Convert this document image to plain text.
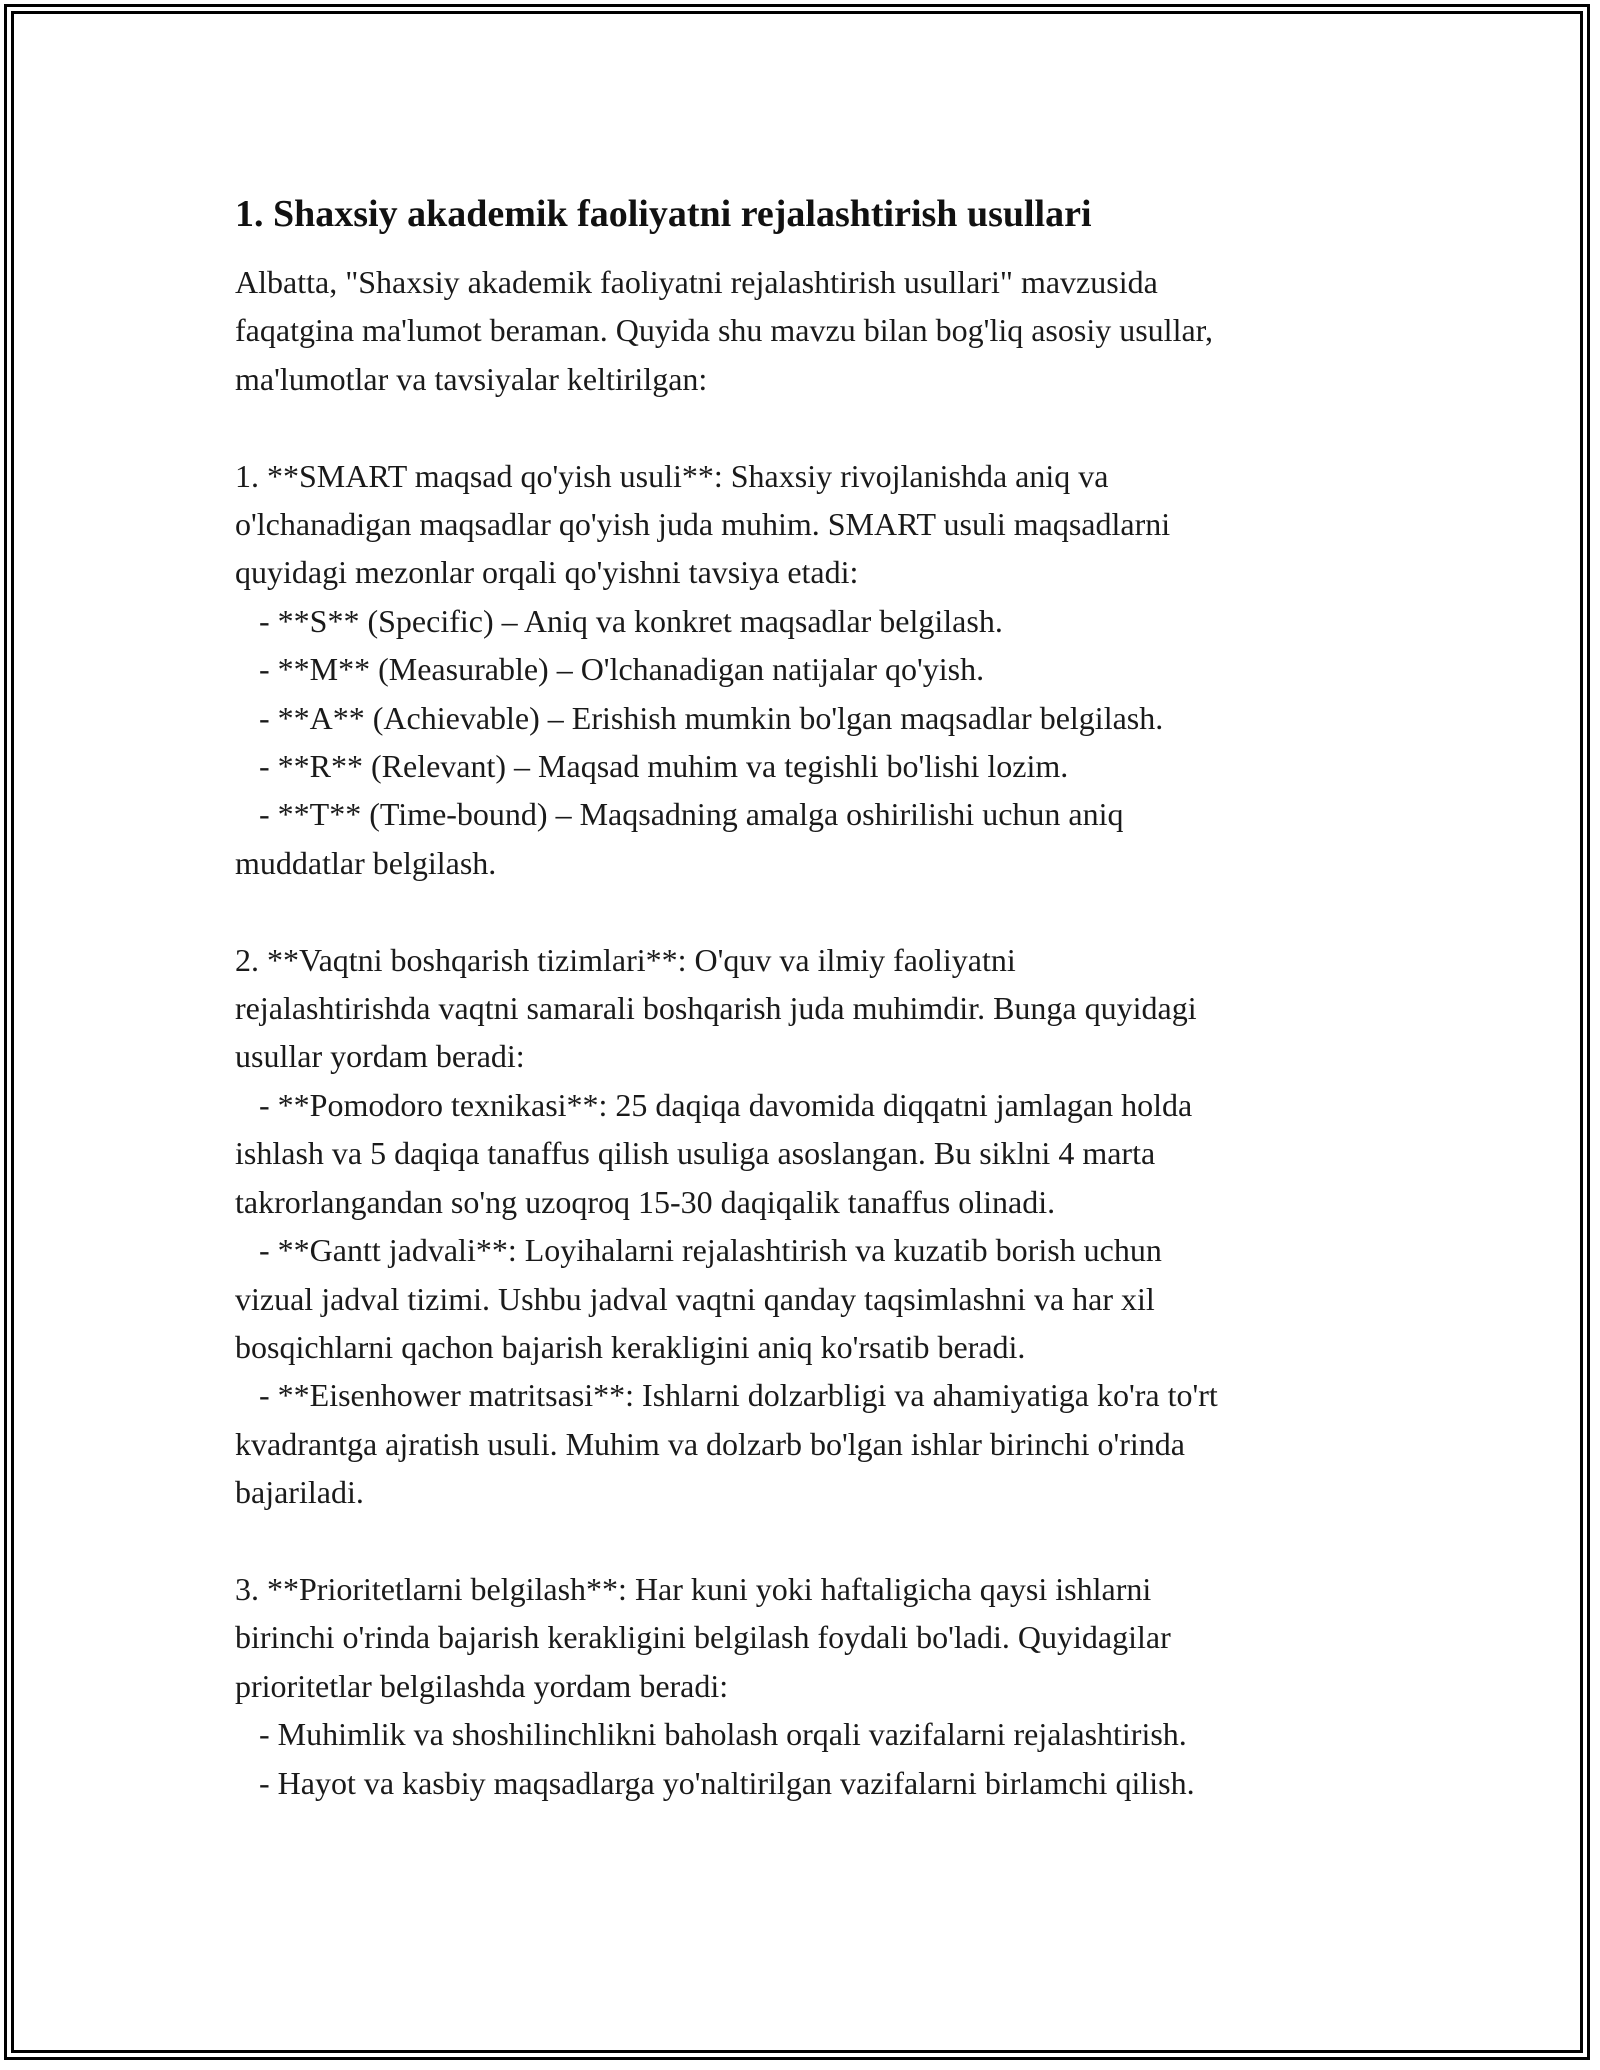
1. Shaxsiy akademik faoliyatni rejalashtirish usullari
Albatta, "Shaxsiy akademik faoliyatni rejalashtirish usullari" mavzusida
faqatgina ma'lumot beraman. Quyida shu mavzu bilan bog'liq asosiy usullar,
ma'lumotlar va tavsiyalar keltirilgan:
1. **SMART maqsad qo'yish usuli**: Shaxsiy rivojlanishda aniq va
o'lchanadigan maqsadlar qo'yish juda muhim. SMART usuli maqsadlarni
quyidagi mezonlar orqali qo'yishni tavsiya etadi:
- **S** (Specific) – Aniq va konkret maqsadlar belgilash.
- **M** (Measurable) – O'lchanadigan natijalar qo'yish.
- **A** (Achievable) – Erishish mumkin bo'lgan maqsadlar belgilash.
- **R** (Relevant) – Maqsad muhim va tegishli bo'lishi lozim.
- **T** (Time-bound) – Maqsadning amalga oshirilishi uchun aniq
muddatlar belgilash.
2. **Vaqtni boshqarish tizimlari**: O'quv va ilmiy faoliyatni
rejalashtirishda vaqtni samarali boshqarish juda muhimdir. Bunga quyidagi
usullar yordam beradi:
- **Pomodoro texnikasi**: 25 daqiqa davomida diqqatni jamlagan holda
ishlash va 5 daqiqa tanaffus qilish usuliga asoslangan. Bu siklni 4 marta
takrorlangandan so'ng uzoqroq 15-30 daqiqalik tanaffus olinadi.
- **Gantt jadvali**: Loyihalarni rejalashtirish va kuzatib borish uchun
vizual jadval tizimi. Ushbu jadval vaqtni qanday taqsimlashni va har xil
bosqichlarni qachon bajarish kerakligini aniq ko'rsatib beradi.
- **Eisenhower matritsasi**: Ishlarni dolzarbligi va ahamiyatiga ko'ra to'rt
kvadrantga ajratish usuli. Muhim va dolzarb bo'lgan ishlar birinchi o'rinda
bajariladi.
3. **Prioritetlarni belgilash**: Har kuni yoki haftaligicha qaysi ishlarni
birinchi o'rinda bajarish kerakligini belgilash foydali bo'ladi. Quyidagilar
prioritetlar belgilashda yordam beradi:
- Muhimlik va shoshilinchlikni baholash orqali vazifalarni rejalashtirish.
- Hayot va kasbiy maqsadlarga yo'naltirilgan vazifalarni birlamchi qilish.
